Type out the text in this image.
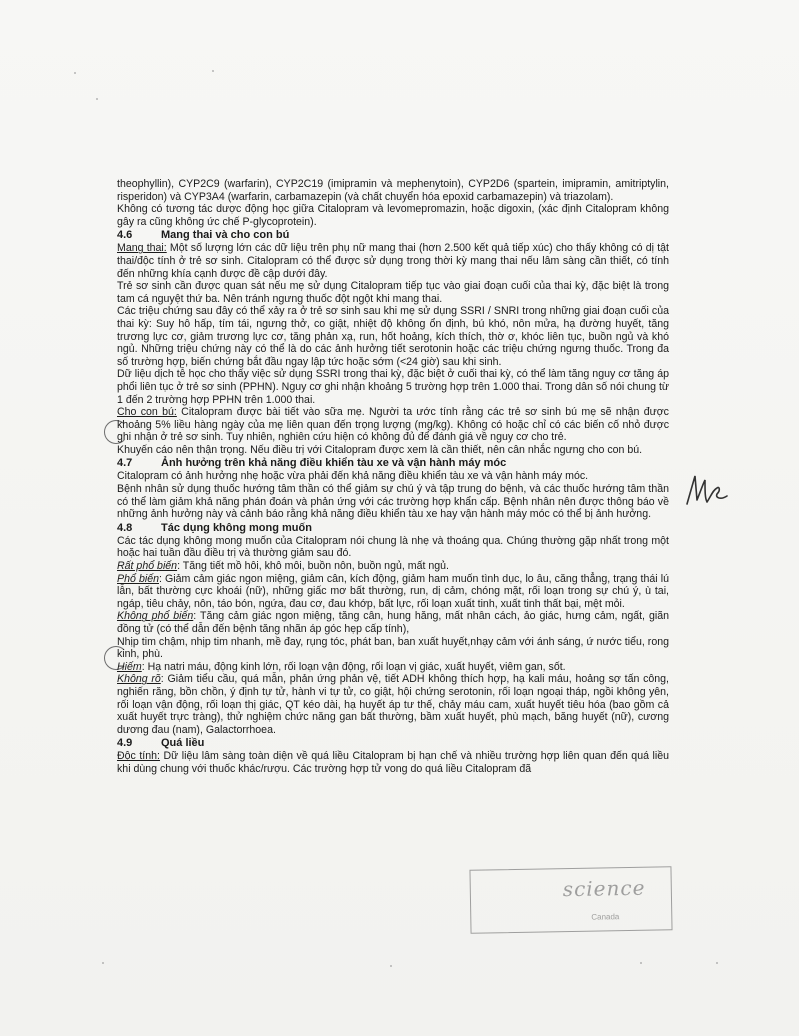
theophyllin), CYP2C9 (warfarin), CYP2C19 (imipramin và mephenytoin), CYP2D6 (spartein, imipramin, amitriptylin, risperidon) và CYP3A4 (warfarin, carbamazepin (và chất chuyển hóa epoxid carbamazepin) và triazolam).

Không có tương tác dược động học giữa Citalopram và levomepromazin, hoặc digoxin, (xác định Citalopram không gây ra cũng không ức chế P-glycoprotein).

4.6	Mang thai và cho con bú

Mang thai: Một số lượng lớn các dữ liệu trên phụ nữ mang thai (hơn 2.500 kết quả tiếp xúc) cho thấy không có dị tật thai/độc tính ở trẻ sơ sinh. Citalopram có thể được sử dụng trong thời kỳ mang thai nếu lâm sàng cần thiết, có tính đến những khía cạnh được đề cập dưới đây.

Trẻ sơ sinh cần được quan sát nếu mẹ sử dụng Citalopram tiếp tục vào giai đoạn cuối của thai kỳ, đặc biệt là trong tam cá nguyệt thứ ba. Nên tránh ngưng thuốc đột ngột khi mang thai.

Các triệu chứng sau đây có thể xảy ra ở trẻ sơ sinh sau khi mẹ sử dụng SSRI / SNRI trong những giai đoạn cuối của thai kỳ: Suy hô hấp, tím tái, ngưng thở, co giật, nhiệt độ không ổn định, bú khó, nôn mửa, hạ đường huyết, tăng trương lực cơ, giảm trương lực cơ, tăng phản xạ, run, hốt hoảng, kích thích, thờ ơ, khóc liên tục, buồn ngủ và khó ngủ. Những triệu chứng này có thể là do các ảnh hưởng tiết serotonin hoặc các triệu chứng ngưng thuốc. Trong đa số trường hợp, biến chứng bắt đầu ngay lập tức hoặc sớm (<24 giờ) sau khi sinh.

Dữ liệu dịch tễ học cho thấy việc sử dụng SSRI trong thai kỳ, đặc biệt ở cuối thai kỳ, có thể làm tăng nguy cơ tăng áp phổi liên tục ở trẻ sơ sinh (PPHN). Nguy cơ ghi nhận khoảng 5 trường hợp trên 1.000 thai. Trong dân số nói chung từ 1 đến 2 trường hợp PPHN trên 1.000 thai.

Cho con bú: Citalopram được bài tiết vào sữa mẹ. Người ta ước tính rằng các trẻ sơ sinh bú mẹ sẽ nhận được khoảng 5% liều hàng ngày của mẹ liên quan đến trọng lượng (mg/kg). Không có hoặc chỉ có các biến cố nhỏ được ghi nhận ở trẻ sơ sinh. Tuy nhiên, nghiên cứu hiện có không đủ để đánh giá về nguy cơ cho trẻ.

Khuyến cáo nên thận trọng. Nếu điều trị với Citalopram được xem là cần thiết, nên cân nhắc ngưng cho con bú.

4.7	Ảnh hưởng trên khả năng điều khiển tàu xe và vận hành máy móc

Citalopram có ảnh hưởng nhẹ hoặc vừa phải đến khả năng điều khiển tàu xe và vận hành máy móc.

Bệnh nhân sử dụng thuốc hướng tâm thần có thể giảm sự chú ý và tập trung do bệnh, và các thuốc hướng tâm thần có thể làm giảm khả năng phán đoán và phản ứng với các trường hợp khẩn cấp. Bệnh nhân nên được thông báo về những ảnh hưởng này và cảnh báo rằng khả năng điều khiển tàu xe hay vận hành máy móc có thể bị ảnh hưởng.

4.8	Tác dụng không mong muốn

Các tác dụng không mong muốn của Citalopram nói chung là nhẹ và thoáng qua. Chúng thường gặp nhất trong một hoặc hai tuần đầu điều trị và thường giảm sau đó.

Rất phổ biến: Tăng tiết mồ hôi, khô môi, buồn nôn, buồn ngủ, mất ngủ.

Phổ biến: Giảm cảm giác ngon miệng, giảm cân, kích động, giảm ham muốn tình dục, lo âu, căng thẳng, trạng thái lú lẫn, bất thường cực khoái (nữ), những giấc mơ bất thường, run, dị cảm, chóng mặt, rối loạn trong sự chú ý, ù tai, ngáp, tiêu chảy, nôn, táo bón, ngứa, đau cơ, đau khớp, bất lực, rối loạn xuất tinh, xuất tinh thất bại, mệt mỏi.

Không phổ biến: Tăng cảm giác ngon miệng, tăng cân, hung hăng, mất nhân cách, ảo giác, hưng cảm, ngất, giãn đồng tử (có thể dẫn đến bệnh tăng nhãn áp góc hẹp cấp tính),

Nhịp tim chậm, nhịp tim nhanh, mề đay, rụng tóc, phát ban, ban xuất huyết,nhạy cảm với ánh sáng, ứ nước tiểu, rong kinh, phù.

Hiếm: Hạ natri máu, động kinh lớn, rối loạn vận động, rối loạn vị giác, xuất huyết, viêm gan, sốt.

Không rõ: Giảm tiểu cầu, quá mẫn, phản ứng phản vệ, tiết ADH không thích hợp, hạ kali máu, hoảng sợ tấn công, nghiến răng, bồn chồn, ý định tự tử, hành vi tự tử, co giật, hội chứng serotonin, rối loạn ngoại tháp, ngồi không yên, rối loạn vận động, rối loạn thị giác, QT kéo dài, hạ huyết áp tư thế, chảy máu cam, xuất huyết tiêu hóa (bao gồm cả xuất huyết trực tràng), thử nghiệm chức năng gan bất thường, bầm xuất huyết, phù mạch, băng huyết (nữ), cương dương đau (nam), Galactorrhoea.

4.9	Quá liều

Độc tính: Dữ liệu lâm sàng toàn diện về quá liều Citalopram bị hạn chế và nhiều trường hợp liên quan đến quá liều khi dùng chung với thuốc khác/rượu. Các trường hợp tử vong do quá liều Citalopram đã

science
Canada
